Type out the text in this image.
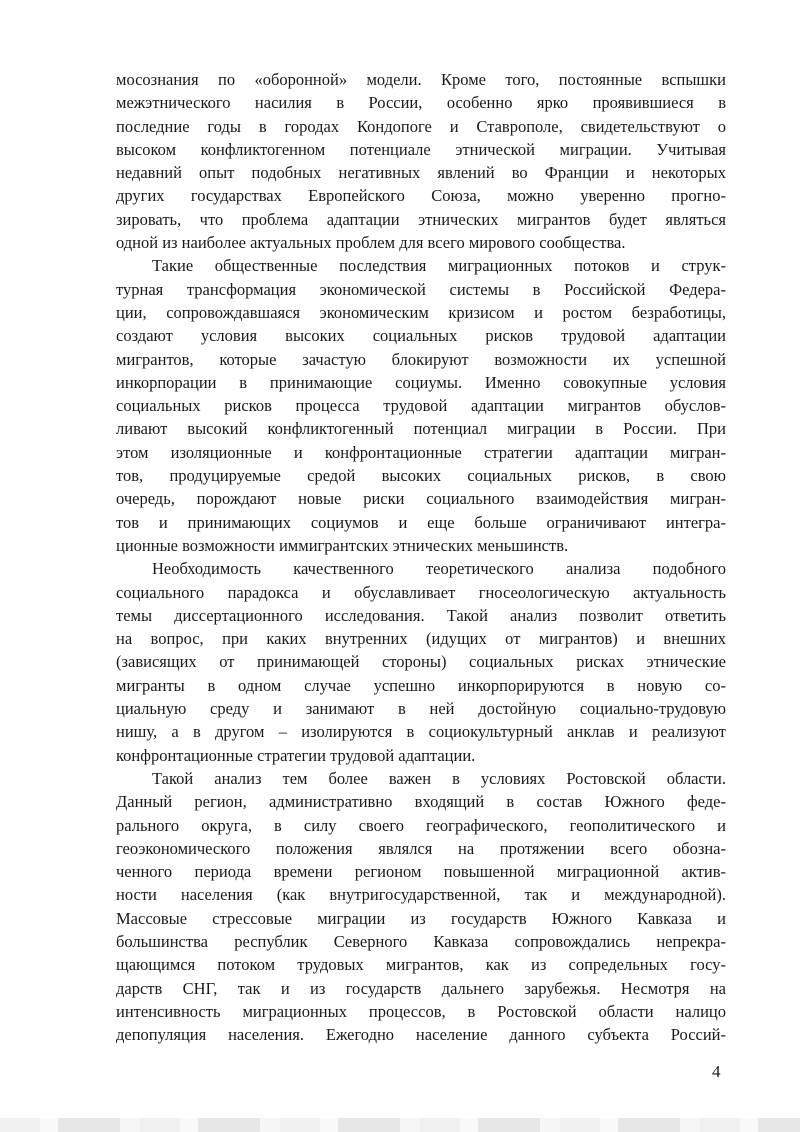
мосознания по «оборонной» модели. Кроме того, постоянные вспышки
межэтнического насилия в России, особенно ярко проявившиеся в
последние годы в городах Кондопоге и Ставрополе, свидетельствуют о
высоком конфликтогенном потенциале этнической миграции. Учитывая
недавний опыт подобных негативных явлений во Франции и некоторых
других государствах Европейского Союза, можно уверенно прогно-
зировать, что проблема адаптации этнических мигрантов будет являться
одной из наиболее актуальных проблем для всего мирового сообщества.
Такие общественные последствия миграционных потоков и струк-
турная трансформация экономической системы в Российской Федера-
ции, сопровождавшаяся экономическим кризисом и ростом безработицы,
создают условия высоких социальных рисков трудовой адаптации
мигрантов, которые зачастую блокируют возможности их успешной
инкорпорации в принимающие социумы. Именно совокупные условия
социальных рисков процесса трудовой адаптации мигрантов обуслов-
ливают высокий конфликтогенный потенциал миграции в России. При
этом изоляционные и конфронтационные стратегии адаптации мигран-
тов, продуцируемые средой высоких социальных рисков, в свою
очередь, порождают новые риски социального взаимодействия мигран-
тов и принимающих социумов и еще больше ограничивают интегра-
ционные возможности иммигрантских этнических меньшинств.
Необходимость качественного теоретического анализа подобного
социального парадокса и обуславливает гносеологическую актуальность
темы диссертационного исследования. Такой анализ позволит ответить
на вопрос, при каких внутренних (идущих от мигрантов) и внешних
(зависящих от принимающей стороны) социальных рисках этнические
мигранты в одном случае успешно инкорпорируются в новую со-
циальную среду и занимают в ней достойную социально-трудовую
нишу, а в другом – изолируются в социокультурный анклав и реализуют
конфронтационные стратегии трудовой адаптации.
Такой анализ тем более важен в условиях Ростовской области.
Данный регион, административно входящий в состав Южного феде-
рального округа, в силу своего географического, геополитического и
геоэкономического положения являлся на протяжении всего обозна-
ченного периода времени регионом повышенной миграционной актив-
ности населения (как внутригосударственной, так и международной).
Массовые стрессовые миграции из государств Южного Кавказа и
большинства республик Северного Кавказа сопровождались непрекра-
щающимся потоком трудовых мигрантов, как из сопредельных госу-
дарств СНГ, так и из государств дальнего зарубежья. Несмотря на
интенсивность миграционных процессов, в Ростовской области налицо
депопуляция населения. Ежегодно население данного субъекта Россий-
4
